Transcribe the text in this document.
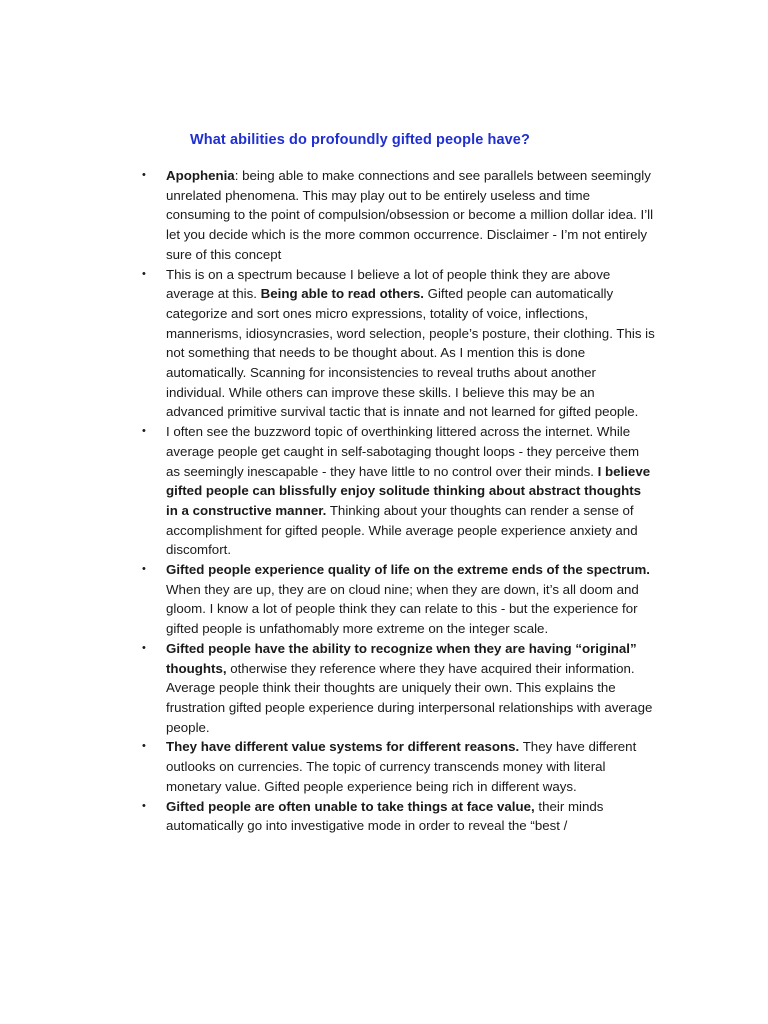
What abilities do profoundly gifted people have?
• Apophenia: being able to make connections and see parallels between seemingly unrelated phenomena. This may play out to be entirely useless and time consuming to the point of compulsion/obsession or become a million dollar idea. I’ll let you decide which is the more common occurrence. Disclaimer - I’m not entirely sure of this concept
• This is on a spectrum because I believe a lot of people think they are above average at this. Being able to read others. Gifted people can automatically categorize and sort ones micro expressions, totality of voice, inflections, mannerisms, idiosyncrasies, word selection, people’s posture, their clothing. This is not something that needs to be thought about. As I mention this is done automatically. Scanning for inconsistencies to reveal truths about another individual. While others can improve these skills. I believe this may be an advanced primitive survival tactic that is innate and not learned for gifted people.
• I often see the buzzword topic of overthinking littered across the internet. While average people get caught in self-sabotaging thought loops - they perceive them as seemingly inescapable - they have little to no control over their minds. I believe gifted people can blissfully enjoy solitude thinking about abstract thoughts in a constructive manner. Thinking about your thoughts can render a sense of accomplishment for gifted people. While average people experience anxiety and discomfort.
• Gifted people experience quality of life on the extreme ends of the spectrum. When they are up, they are on cloud nine; when they are down, it’s all doom and gloom. I know a lot of people think they can relate to this - but the experience for gifted people is unfathomably more extreme on the integer scale.
• Gifted people have the ability to recognize when they are having “original” thoughts, otherwise they reference where they have acquired their information. Average people think their thoughts are uniquely their own. This explains the frustration gifted people experience during interpersonal relationships with average people.
• They have different value systems for different reasons. They have different outlooks on currencies. The topic of currency transcends money with literal monetary value. Gifted people experience being rich in different ways.
• Gifted people are often unable to take things at face value, their minds automatically go into investigative mode in order to reveal the “best /
